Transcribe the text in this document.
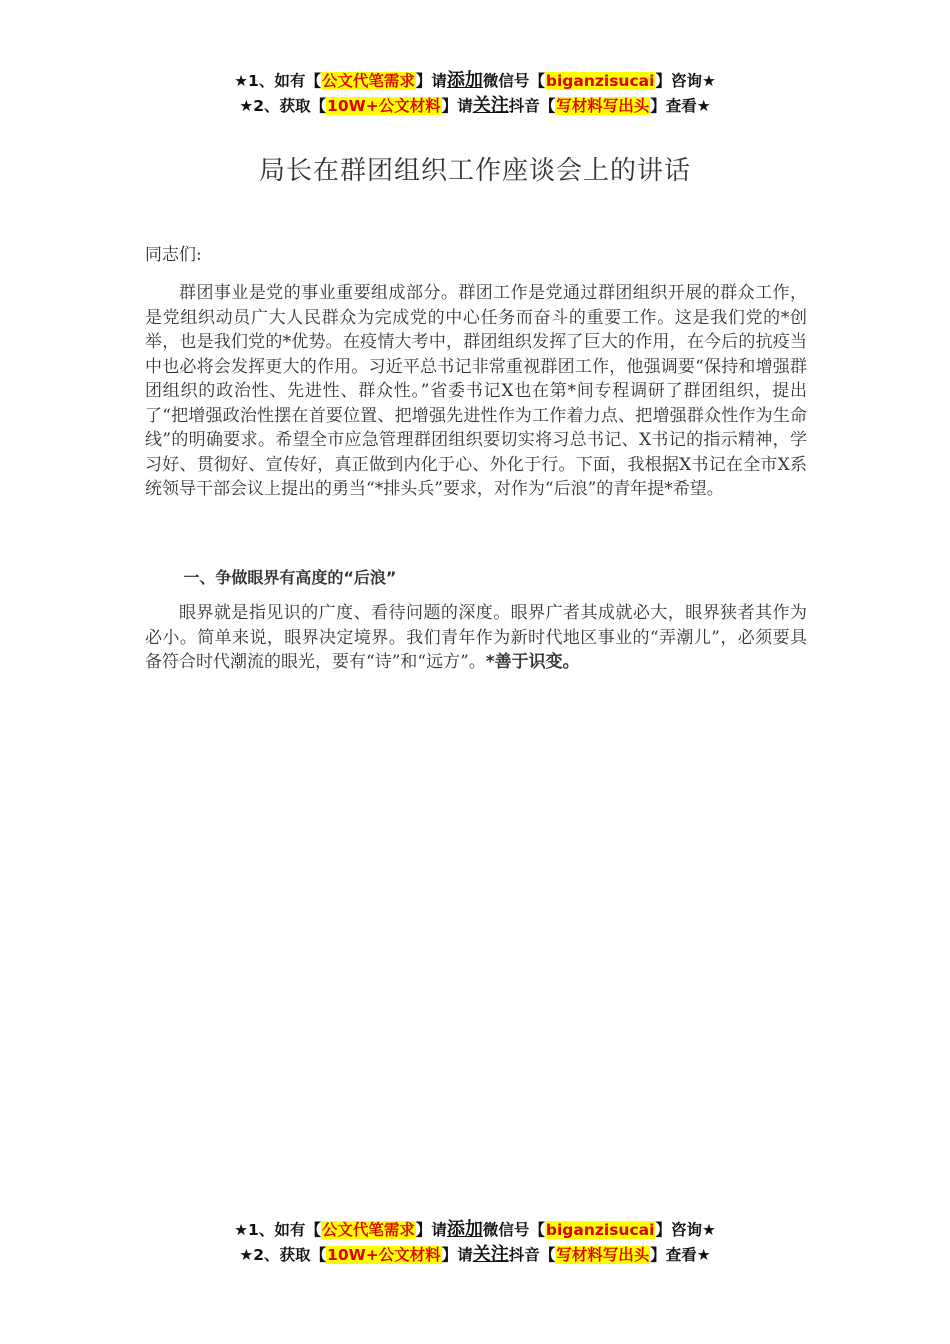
★1、如有【公文代笔需求】请添加微信号【biganzisucai】咨询★
★2、获取【10W+公文材料】请关注抖音【写材料写出头】查看★
局长在群团组织工作座谈会上的讲话
同志们:
群团事业是党的事业重要组成部分。群团工作是党通过群团组织开展的群众工作，是党组织动员广大人民群众为完成党的中心任务而奋斗的重要工作。这是我们党的*创举，也是我们党的*优势。在疫情大考中，群团组织发挥了巨大的作用，在今后的抗疫当中也必将会发挥更大的作用。习近平总书记非常重视群团工作，他强调要“保持和增强群团组织的政治性、先进性、群众性。”省委书记X也在第*间专程调研了群团组织，提出了“把增强政治性摆在首要位置、把增强先进性作为工作着力点、把增强群众性作为生命线”的明确要求。希望全市应急管理群团组织要切实将习总书记、X书记的指示精神，学习好、贯彻好、宣传好，真正做到内化于心、外化于行。下面，我根据X书记在全市X系统领导干部会议上提出的勇当“*排头兵”要求，对作为“后浪”的青年提*希望。
一、争做眼界有高度的“后浪”
眼界就是指见识的广度、看待问题的深度。眼界广者其成就必大，眼界狭者其作为必小。简单来说，眼界决定境界。我们青年作为新时代地区事业的“弄潮儿”，必须要具备符合时代潮流的眼光，要有“诗”和“远方”。*善于识变。
★1、如有【公文代笔需求】请添加微信号【biganzisucai】咨询★
★2、获取【10W+公文材料】请关注抖音【写材料写出头】查看★
